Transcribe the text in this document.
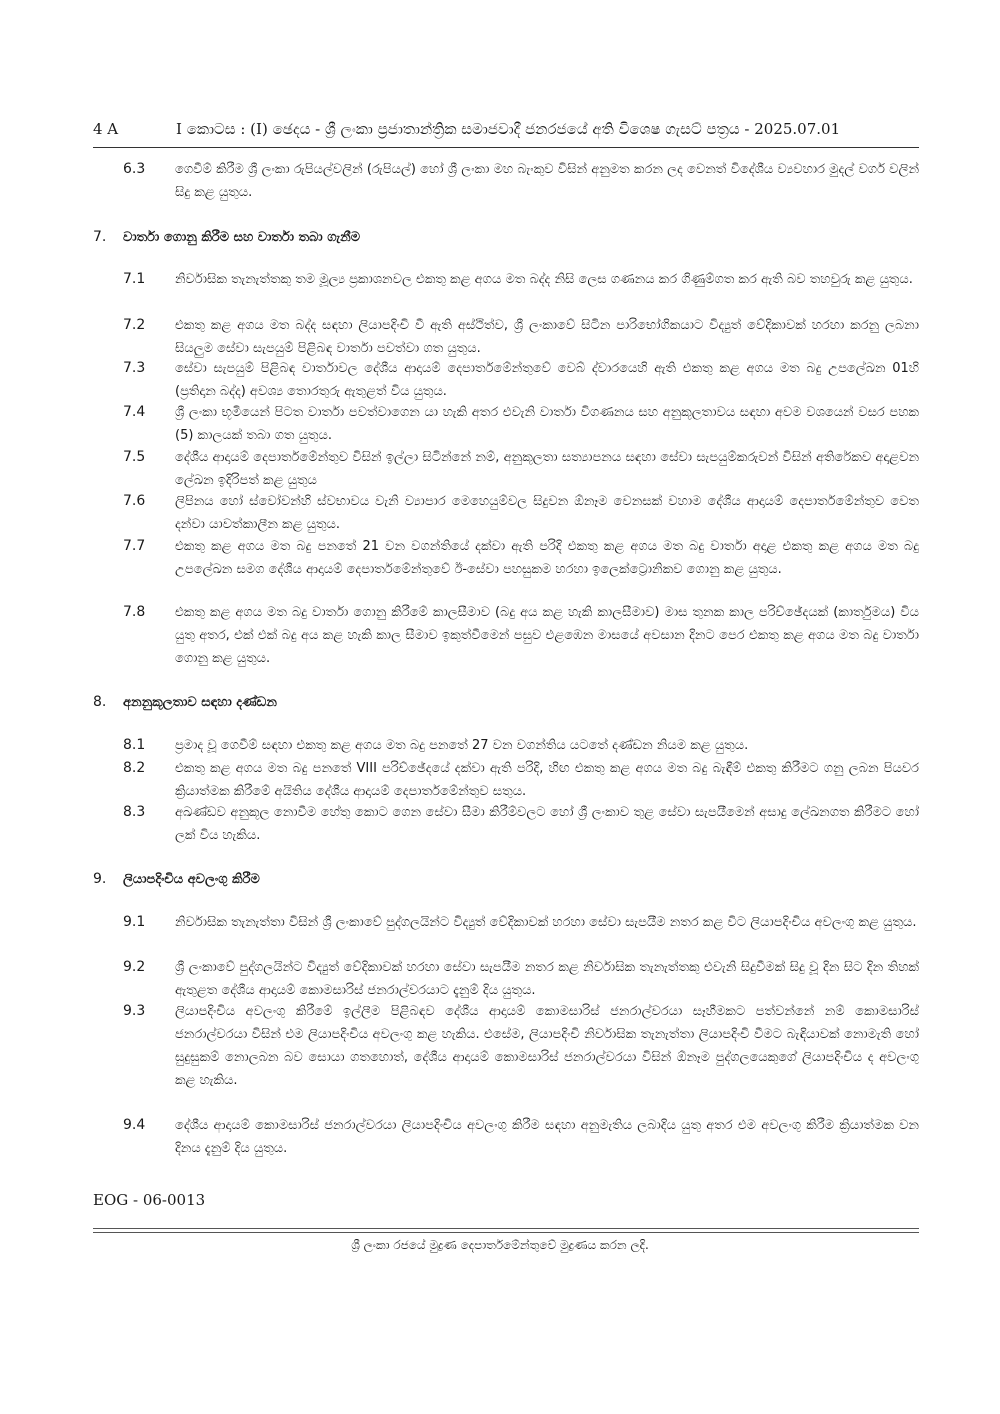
4 A	I කොටස : (I) ඡෙදය - ශ්‍රී ලංකා ප්‍රජාතාන්ත්‍රික සමාජවාදී ජනරජයේ අති විශෙෂ ගැසට් පත්‍රය - 2025.07.01
6.3 ගෙවීම් කිරීම ශ්‍රී ලංකා රුපියල්වලින් (රුපියල්) හෝ ශ්‍රී ලංකා මහ බැංකුව විසින් අනුමත කරන ලද වෙනත් විදේශීය ව්‍යවහාර මුදල් වර්ග වලින් සිදු කළ යුතුය.
7. වාර්තා ගොනු කිරීම සහ වාර්තා තබා ගැනීම
7.1 නිර්වාසික තැනැත්තකු තම මූල්‍ය ප්‍රකාශනවල එකතු කළ අගය මත බද්ද නිසි ලෙස ගණනය කර ගිණුම්ගත කර ඇති බව තහවුරු කළ යුතුය.
7.2 එකතු කළ අගය මත බද්ද සඳහා ලියාපදිංචි වී ඇති අස්ථිත්ව, ශ්‍රී ලංකාවේ සිටින පාරිභෝගිකයාට විද්‍යුත් වේදිකාවක් හරහා කරනු ලබනා සියලුම සේවා සැපයුම් පිළිබඳ වාර්තා පවත්වා ගත යුතුය.
7.3 සේවා සැපයුම් පිළිබඳ වාර්තාවල දේශීය ආදායම් දෙපාර්තමේන්තුවේ වෙබ් ද්වාරයෙහි ඇති එකතු කළ අගය මත බදු උපලේඛන 01හි (ප්‍රතිදාන බද්ද) අවශ්‍ය තොරතුරු ඇතුළත් විය යුතුය.
7.4 ශ්‍රී ලංකා භූමියෙන් පිටත වාර්තා පවත්වාගෙන යා හැකි අතර එවැනි වාර්තා විගණනය සහ අනුකූලතාවය සඳහා අවම වශයෙන් වසර පහක (5) කාලයක් තබා ගත යුතුය.
7.5 දේශීය ආදායම් දෙපාර්තමේන්තුව විසින් ඉල්ලා සිටින්නේ නම්, අනුකූලතා සත්‍යාපනය සඳහා සේවා සැපයුම්කරුවන් විසින් අතිරේකව අදාළවන ලේඛන ඉදිරිපත් කළ යුතුය
7.6 ලිපිනය හෝ ස්වෝවන්හි ස්වභාවය වැනි ව්‍යාපාර මෙහෙයුම්වල සිදුවන ඕනෑම වෙනසක් වහාම දේශීය ආදායම් දෙපාර්තමේන්තුව වෙත දන්වා යාවත්කාලීන කළ යුතුය.
7.7 එකතු කළ අගය මත බදු පනතේ 21 වන වගන්තියේ දක්වා ඇති පරිදි එකතු කළ අගය මත බදු වාර්තා අදාළ එකතු කළ අගය මත බදු උපලේඛන සමග දේශීය ආදායම් දෙපාර්තමේන්තුවේ ඊ-සේවා පහසුකම හරහා ඉලෙක්ට්‍රොනිකව ගොනු කළ යුතුය.
7.8 එකතු කළ අගය මත බදු වාර්තා ගොනු කිරීමේ කාලසීමාව (බදු අය කළ හැකි කාලසීමාව) මාස තුනක කාල පරිච්ඡේදයක් (කාර්තුමය) විය යුතු අතර, එක් එක් බදු අය කළ හැකි කාල සීමාව ඉකුත්වීමෙන් පසුව එළඹෙන මාසයේ අවසාන දිනට පෙර එකතු කළ අගය මත බදු වාර්තා ගොනු කළ යුතුය.
8. අනනුකූලතාව සඳහා දණ්ඩන
8.1 ප්‍රමාද වූ ගෙවීම් සඳහා එකතු කළ අගය මත බදු පනතේ 27 වන වගන්තිය යටතේ දණ්ඩන නියම කළ යුතුය.
8.2 එකතු කළ අගය මත බදු පනතේ VIII පරිච්ඡේදයේ දක්වා ඇති පරිදි, හිඟ එකතු කළ අගය මත බදු බැඳීම් එකතු කිරීමට ගනු ලබන පියවර ක්‍රියාත්මක කිරීමේ අයිතිය දේශීය ආදායම් දෙපාර්තමේන්තුව සතුය.
8.3 අඛණ්ඩව අනුකූල නොවීම හේතු කොට ගෙන සේවා සීමා කිරීම්වලට හෝ ශ්‍රී ලංකාව තුළ සේවා සැපයීමෙන් අසාදු ලේඛනගත කිරීමට හෝ ලක් විය හැකිය.
9. ලියාපදිංචිය අවලංගු කිරීම
9.1 නිර්වාසික තැනැත්තා විසින් ශ්‍රී ලංකාවේ පුද්ගලයින්ට විද්‍යුත් වේදිකාවක් හරහා සේවා සැපයීම නතර කළ විට ලියාපදිංචිය අවලංගු කළ යුතුය.
9.2 ශ්‍රී ලංකාවේ පුද්ගලයින්ට විද්‍යුත් වේදිකාවක් හරහා සේවා සැපයීම නතර කළ නිර්වාසික තැනැත්තකු එවැනි සිදුවීමක් සිදු වූ දින සිට දින තිහක් ඇතුළත දේශීය ආදායම් කොමසාරිස් ජනරාල්වරයාට දැනුම් දිය යුතුය.
9.3 ලියාපදිංචිය අවලංගු කිරීමේ ඉල්ලීම පිළිබඳව දේශීය ආදායම් කොමසාරිස් ජනරාල්වරයා සෑහීමකට පත්වන්නේ නම් කොමසාරිස් ජනරාල්වරයා විසින් එම ලියාපදිංචිය අවලංගු කළ හැකිය. එසේම, ලියාපදිංචි නිර්වාසික තැනැත්තා ලියාපදිංචි වීමට බැඳියාවක් නොමැති හෝ සුදුසුකම් නොලබන බව සොයා ගතහොත්, දේශීය ආදායම් කොමසාරිස් ජනරාල්වරයා විසින් ඕනෑම පුද්ගලයෙකුගේ ලියාපදිංචිය ද අවලංගු කළ හැකිය.
9.4 දේශීය ආදායම් කොමසාරිස් ජනරාල්වරයා ලියාපදිංචිය අවලංගු කිරීම සඳහා අනුමැතිය ලබාදිය යුතු අතර එම අවලංගු කිරීම ක්‍රියාත්මක වන දිනය දැනුම් දිය යුතුය.
EOG - 06-0013
ශ්‍රී ලංකා රජයේ මුද්‍රණ දෙපාර්තමේන්තුවේ මුද්‍රණය කරන ලදි.
